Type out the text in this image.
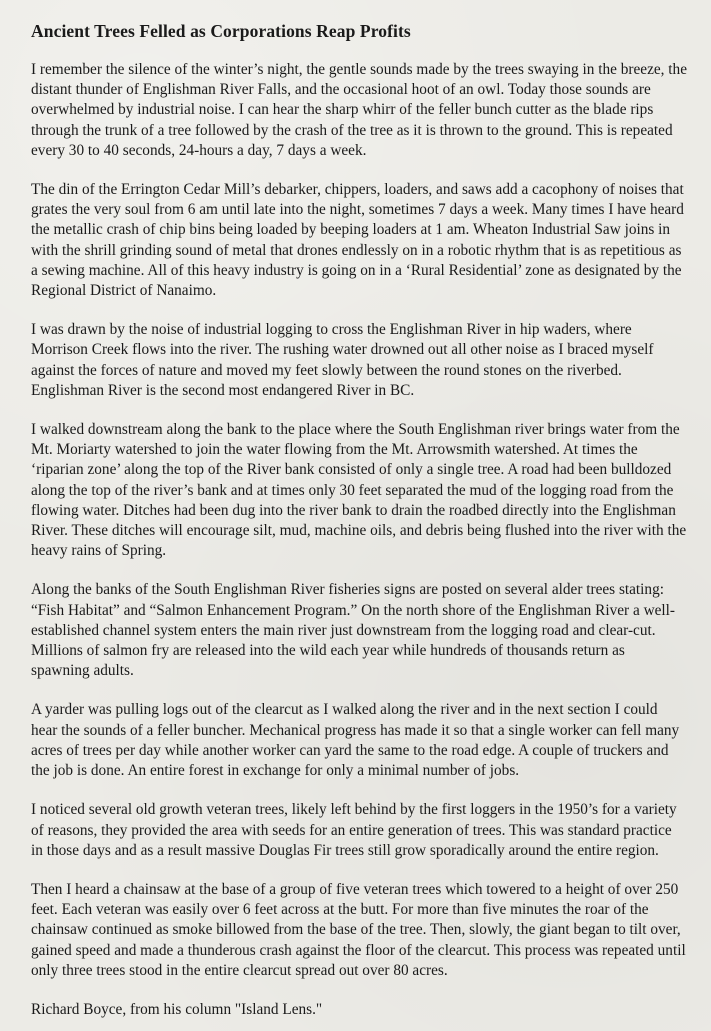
Ancient Trees Felled as Corporations Reap Profits

I remember the silence of the winter’s night, the gentle sounds made by the trees swaying in the breeze, the distant thunder of Englishman River Falls, and the occasional hoot of an owl. Today those sounds are overwhelmed by industrial noise. I can hear the sharp whirr of the feller bunch cutter as the blade rips through the trunk of a tree followed by the crash of the tree as it is thrown to the ground. This is repeated every 30 to 40 seconds, 24-hours a day, 7 days a week.

The din of the Errington Cedar Mill’s debarker, chippers, loaders, and saws add a cacophony of noises that grates the very soul from 6 am until late into the night, sometimes 7 days a week. Many times I have heard the metallic crash of chip bins being loaded by beeping loaders at 1 am. Wheaton Industrial Saw joins in with the shrill grinding sound of metal that drones endlessly on in a robotic rhythm that is as repetitious as a sewing machine. All of this heavy industry is going on in a ‘Rural Residential’ zone as designated by the Regional District of Nanaimo.

I was drawn by the noise of industrial logging to cross the Englishman River in hip waders, where Morrison Creek flows into the river. The rushing water drowned out all other noise as I braced myself against the forces of nature and moved my feet slowly between the round stones on the riverbed. Englishman River is the second most endangered River in BC.

I walked downstream along the bank to the place where the South Englishman river brings water from the Mt. Moriarty watershed to join the water flowing from the Mt. Arrowsmith watershed. At times the ‘riparian zone’ along the top of the River bank consisted of only a single tree. A road had been bulldozed along the top of the river’s bank and at times only 30 feet separated the mud of the logging road from the flowing water. Ditches had been dug into the river bank to drain the roadbed directly into the Englishman River. These ditches will encourage silt, mud, machine oils, and debris being flushed into the river with the heavy rains of Spring.

Along the banks of the South Englishman River fisheries signs are posted on several alder trees stating: “Fish Habitat” and “Salmon Enhancement Program.” On the north shore of the Englishman River a well-established channel system enters the main river just downstream from the logging road and clear-cut. Millions of salmon fry are released into the wild each year while hundreds of thousands return as spawning adults.

A yarder was pulling logs out of the clearcut as I walked along the river and in the next section I could hear the sounds of a feller buncher. Mechanical progress has made it so that a single worker can fell many acres of trees per day while another worker can yard the same to the road edge. A couple of truckers and the job is done. An entire forest in exchange for only a minimal number of jobs.

I noticed several old growth veteran trees, likely left behind by the first loggers in the 1950’s for a variety of reasons, they provided the area with seeds for an entire generation of trees. This was standard practice in those days and as a result massive Douglas Fir trees still grow sporadically around the entire region.

Then I heard a chainsaw at the base of a group of five veteran trees which towered to a height of over 250 feet. Each veteran was easily over 6 feet across at the butt. For more than five minutes the roar of the chainsaw continued as smoke billowed from the base of the tree. Then, slowly, the giant began to tilt over, gained speed and made a thunderous crash against the floor of the clearcut. This process was repeated until only three trees stood in the entire clearcut spread out over 80 acres.

Richard Boyce, from his column "Island Lens."
